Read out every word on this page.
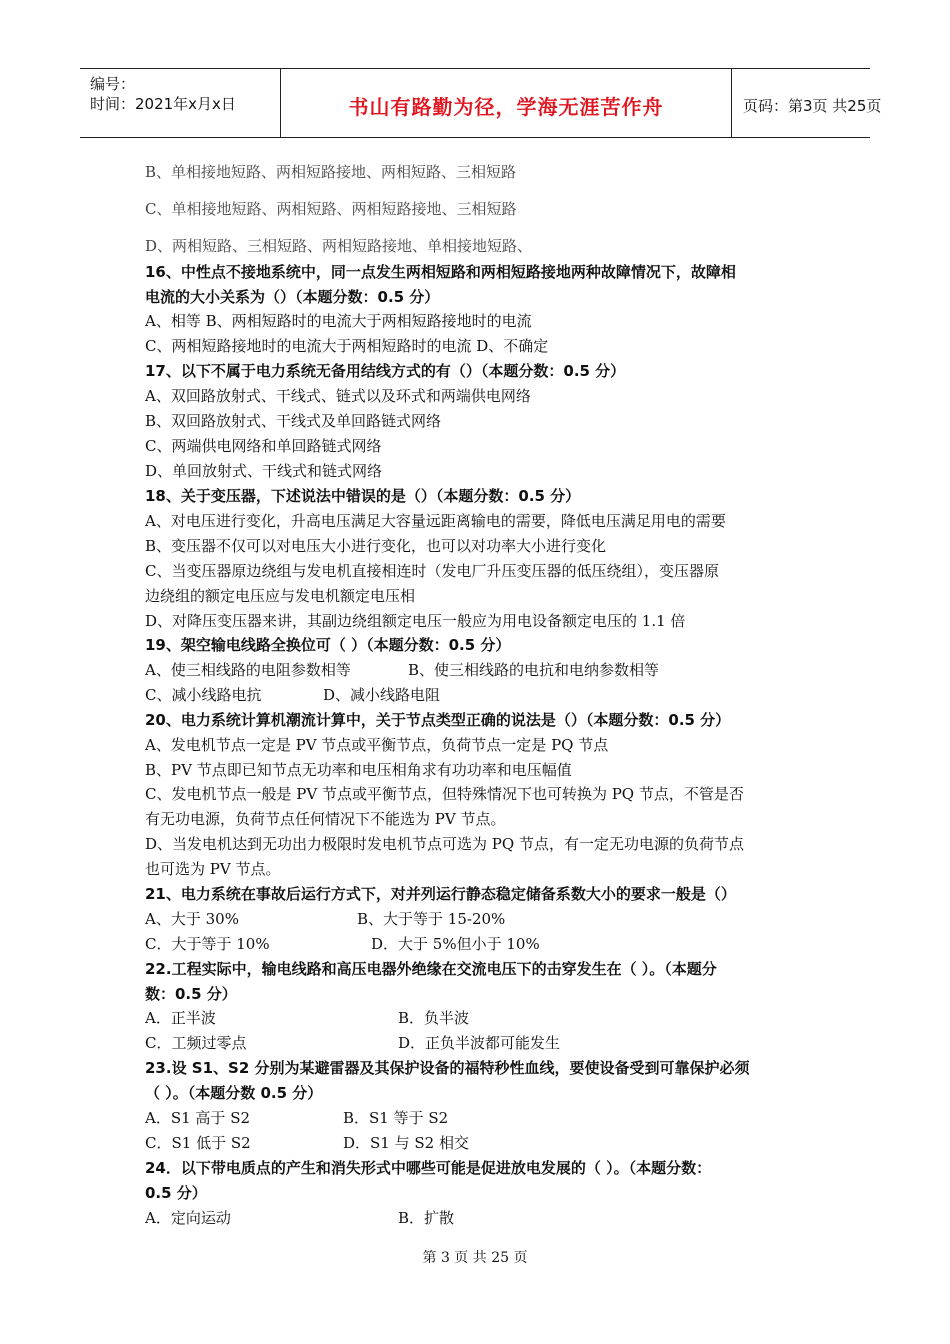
编号：
时间：2021年x月x日	书山有路勤为径，学海无涯苦作舟	页码：第3页 共25页
B、单相接地短路、两相短路接地、两相短路、三相短路
C、单相接地短路、两相短路、两相短路接地、三相短路
D、两相短路、三相短路、两相短路接地、单相接地短路、
16、中性点不接地系统中，同一点发生两相短路和两相短路接地两种故障情况下，故障相
电流的大小关系为（）（本题分数：0.5 分）
A、相等 B、两相短路时的电流大于两相短路接地时的电流
C、两相短路接地时的电流大于两相短路时的电流 D、不确定
17、以下不属于电力系统无备用结线方式的有（）（本题分数：0.5 分）
A、双回路放射式、干线式、链式以及环式和两端供电网络
B、双回路放射式、干线式及单回路链式网络
C、两端供电网络和单回路链式网络
D、单回放射式、干线式和链式网络
18、关于变压器，下述说法中错误的是（）（本题分数：0.5 分）
A、对电压进行变化，升高电压满足大容量远距离输电的需要，降低电压满足用电的需要
B、变压器不仅可以对电压大小进行变化，也可以对功率大小进行变化
C、当变压器原边绕组与发电机直接相连时（发电厂升压变压器的低压绕组），变压器原
边绕组的额定电压应与发电机额定电压相
D、对降压变压器来讲，其副边绕组额定电压一般应为用电设备额定电压的 1.1 倍
19、架空输电线路全换位可（ ）（本题分数：0.5 分）
A、使三相线路的电阻参数相等	B、使三相线路的电抗和电纳参数相等
C、减小线路电抗	D、减小线路电阻
20、电力系统计算机潮流计算中，关于节点类型正确的说法是（）（本题分数：0.5 分）
A、发电机节点一定是 PV 节点或平衡节点，负荷节点一定是 PQ 节点
B、PV 节点即已知节点无功率和电压相角求有功功率和电压幅值
C、发电机节点一般是 PV 节点或平衡节点，但特殊情况下也可转换为 PQ 节点，不管是否
有无功电源，负荷节点任何情况下不能选为 PV 节点。
D、当发电机达到无功出力极限时发电机节点可选为 PQ 节点，有一定无功电源的负荷节点
也可选为 PV 节点。
21、电力系统在事故后运行方式下，对并列运行静态稳定储备系数大小的要求一般是（）
A、大于 30%	B、大于等于 15-20%
C．大于等于 10%	D．大于 5%但小于 10%
22.工程实际中，输电线路和高压电器外绝缘在交流电压下的击穿发生在（ ）。（本题分
数：0.5 分）
A．正半波	B．负半波
C．工频过零点	D．正负半波都可能发生
23.设 S1、S2 分别为某避雷器及其保护设备的福特秒性血线，要使设备受到可靠保护必须
（ ）。（本题分数 0.5 分）
A．S1 高于 S2	B．S1 等于 S2
C．S1 低于 S2	D．S1 与 S2 相交
24．以下带电质点的产生和消失形式中哪些可能是促进放电发展的（ ）。（本题分数：
0.5 分）
A．定向运动	B．扩散
第 3 页 共 25 页
